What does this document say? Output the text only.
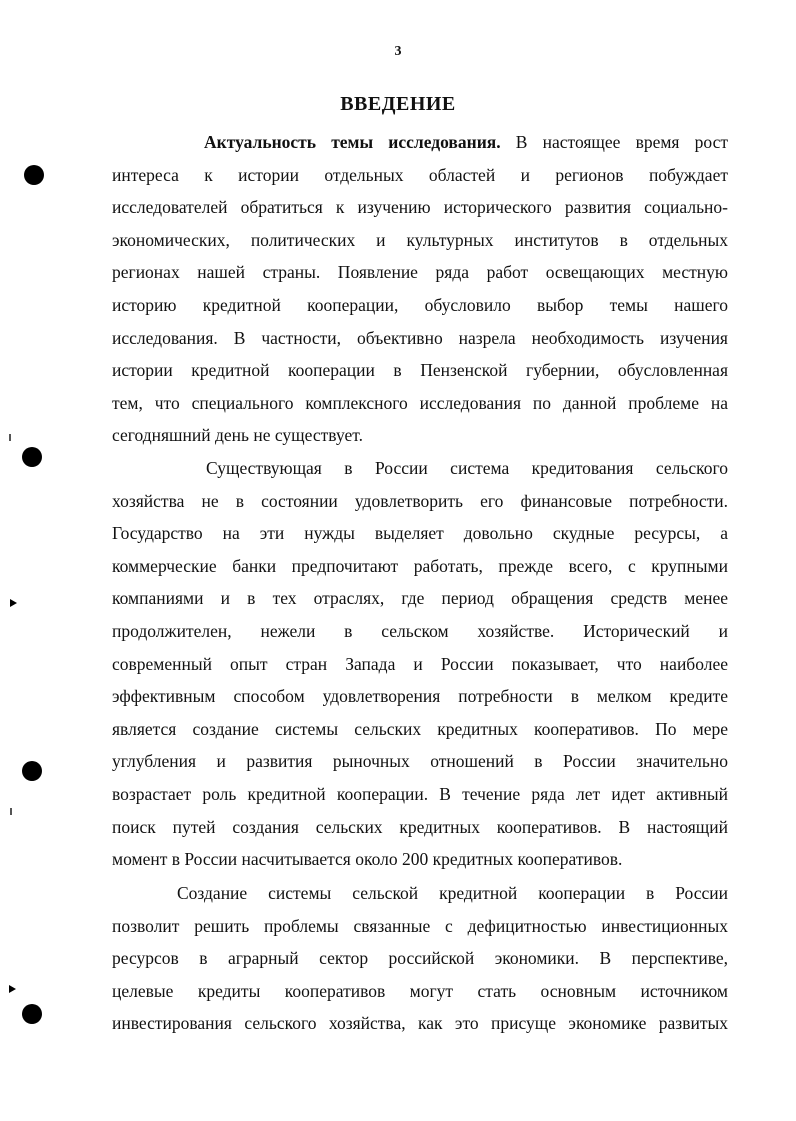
3
ВВЕДЕНИЕ
Актуальность темы исследования. В настоящее время рост
интереса к истории отдельных областей и регионов побуждает
исследователей обратиться к изучению исторического развития социально-
экономических, политических и культурных институтов в отдельных
регионах нашей страны. Появление ряда работ освещающих местную
историю кредитной кооперации, обусловило выбор темы нашего
исследования. В частности, объективно назрела необходимость изучения
истории кредитной кооперации в Пензенской губернии, обусловленная
тем, что специального комплексного исследования по данной проблеме на
сегодняшний день не существует.
Существующая в России система кредитования сельского
хозяйства не в состоянии удовлетворить его финансовые потребности.
Государство на эти нужды выделяет довольно скудные ресурсы, а
коммерческие банки предпочитают работать, прежде всего, с крупными
компаниями и в тех отраслях, где период обращения средств менее
продолжителен, нежели в сельском хозяйстве. Исторический и
современный опыт стран Запада и России показывает, что наиболее
эффективным способом удовлетворения потребности в мелком кредите
является создание системы сельских кредитных кооперативов. По мере
углубления и развития рыночных отношений в России значительно
возрастает роль кредитной кооперации. В течение ряда лет идет активный
поиск путей создания сельских кредитных кооперативов. В настоящий
момент в России насчитывается около 200 кредитных кооперативов.
Создание системы сельской кредитной кооперации в России
позволит решить проблемы связанные с дефицитностью инвестиционных
ресурсов в аграрный сектор российской экономики. В перспективе,
целевые кредиты кооперативов могут стать основным источником
инвестирования сельского хозяйства, как это присуще экономике развитых
